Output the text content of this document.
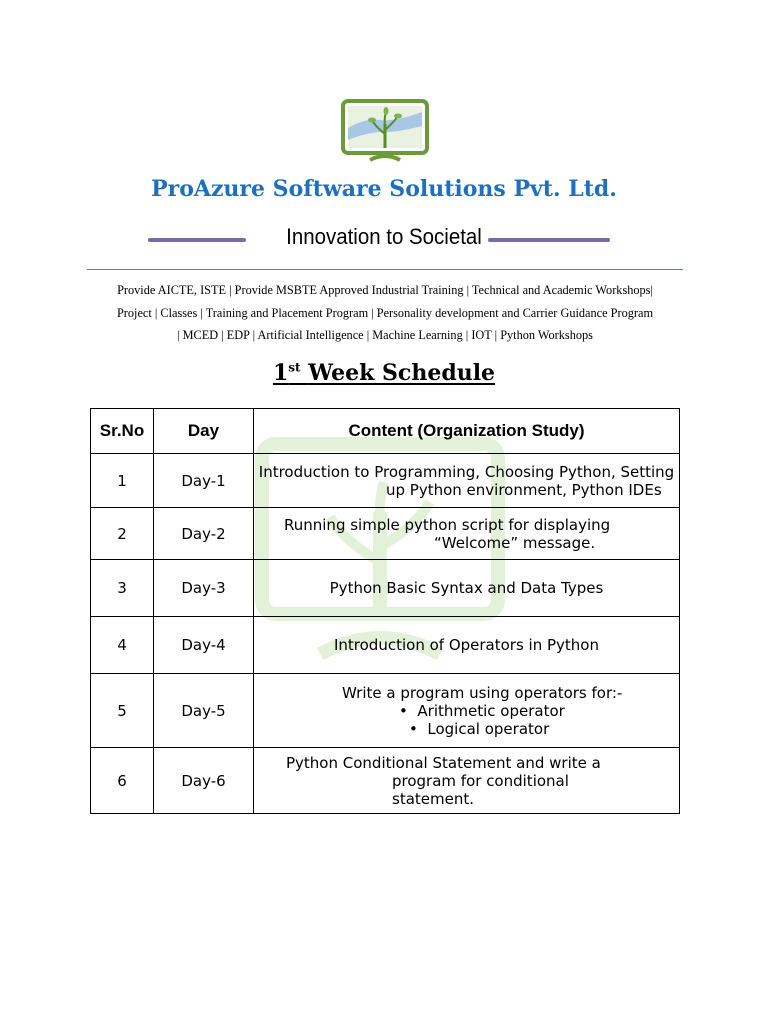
ProAzure Software Solutions Pvt. Ltd.
Innovation to Societal
Provide AICTE, ISTE | Provide MSBTE Approved Industrial Training | Technical and Academic Workshops|
Project | Classes | Training and Placement Program | Personality development and Carrier Guidance Program
| MCED | EDP | Artificial Intelligence | Machine Learning | IOT | Python Workshops
1st Week Schedule
Sr.No	Day	Content (Organization Study)
1	Day-1	Introduction to Programming, Choosing Python, Setting
up Python environment, Python IDEs

2	Day-2	Running simple python script for displaying
“Welcome” message.

3	Day-3	Python Basic Syntax and Data Types
4	Day-4	Introduction of Operators in Python
5	Day-5	Write a program using operators for:-
•  Arithmetic operator
•  Logical operator

6	Day-6	Python Conditional Statement and write a
program for conditional
statement.
